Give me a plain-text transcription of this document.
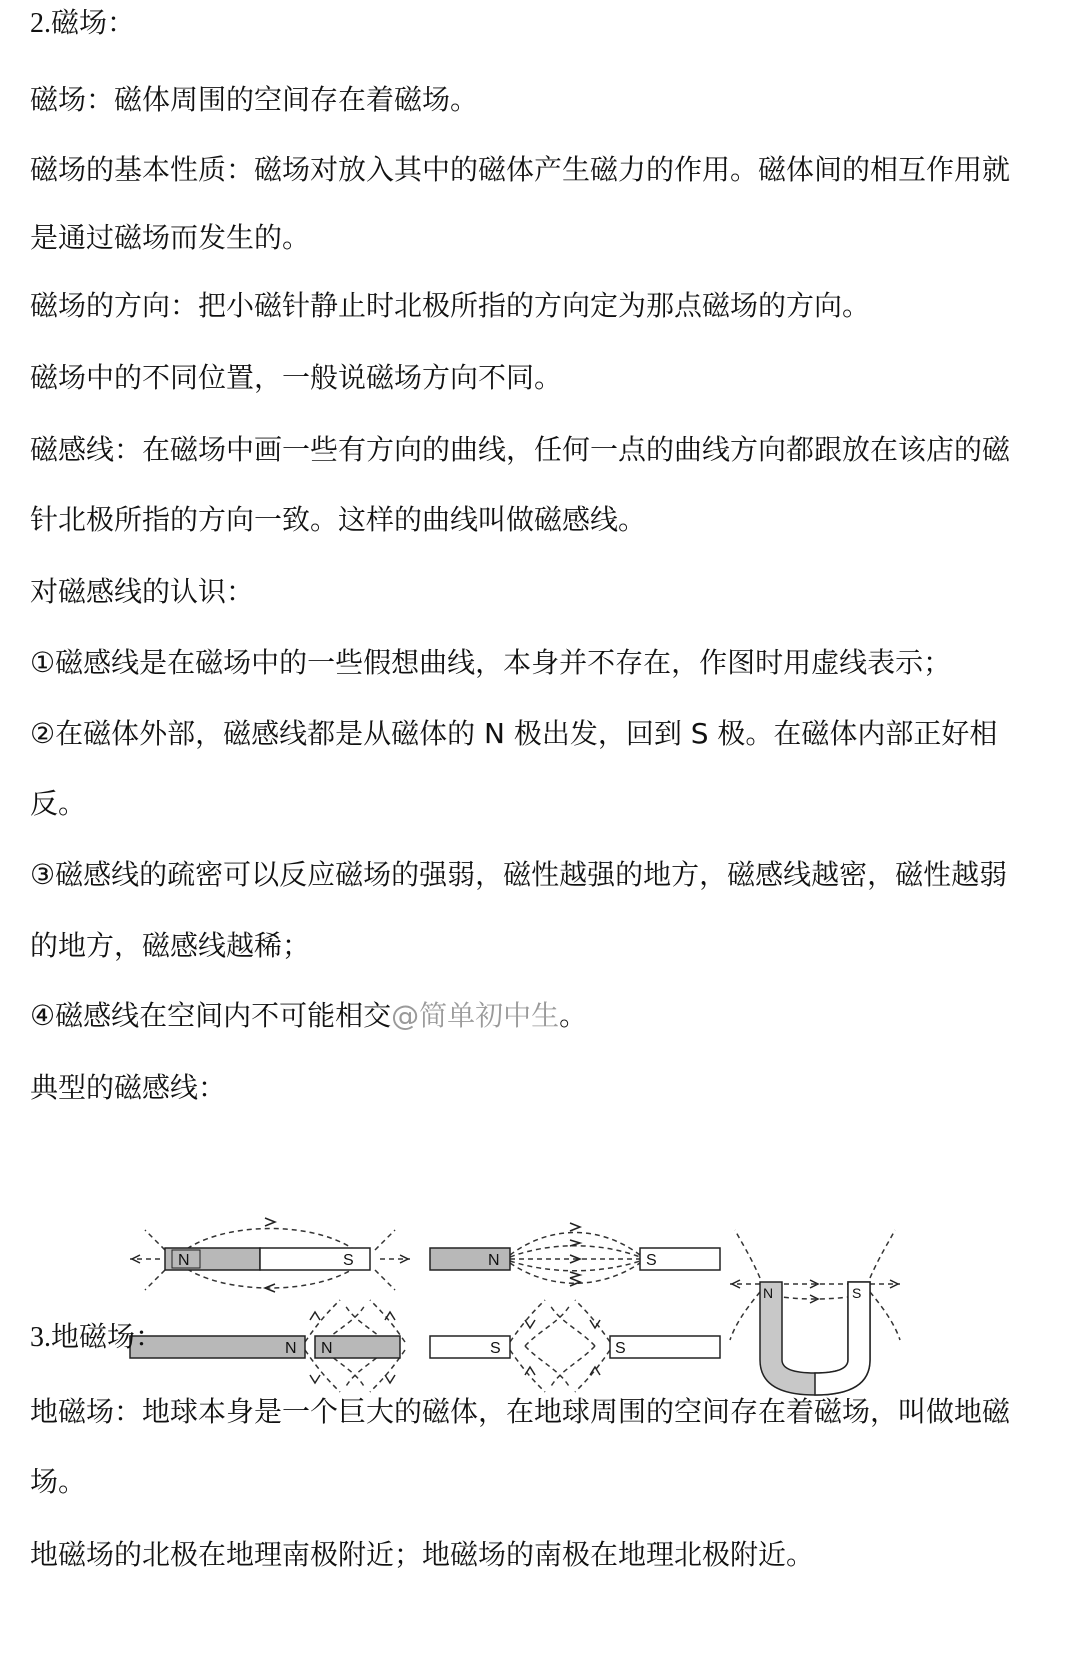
2.磁场：
磁场：磁体周围的空间存在着磁场。
磁场的基本性质：磁场对放入其中的磁体产生磁力的作用。磁体间的相互作用就
是通过磁场而发生的。
磁场的方向：把小磁针静止时北极所指的方向定为那点磁场的方向。
磁场中的不同位置，一般说磁场方向不同。
磁感线：在磁场中画一些有方向的曲线，任何一点的曲线方向都跟放在该店的磁
针北极所指的方向一致。这样的曲线叫做磁感线。
对磁感线的认识：
①磁感线是在磁场中的一些假想曲线，本身并不存在，作图时用虚线表示；
②在磁体外部，磁感线都是从磁体的 N 极出发，回到 S 极。在磁体内部正好相
反。
③磁感线的疏密可以反应磁场的强弱，磁性越强的地方，磁感线越密，磁性越弱
的地方，磁感线越稀；
④磁感线在空间内不可能相交@简单初中生。
典型的磁感线：
N	S	N	S
N N	S	S
N	S
3.地磁场：
地磁场：地球本身是一个巨大的磁体，在地球周围的空间存在着磁场，叫做地磁
场。
地磁场的北极在地理南极附近；地磁场的南极在地理北极附近。
